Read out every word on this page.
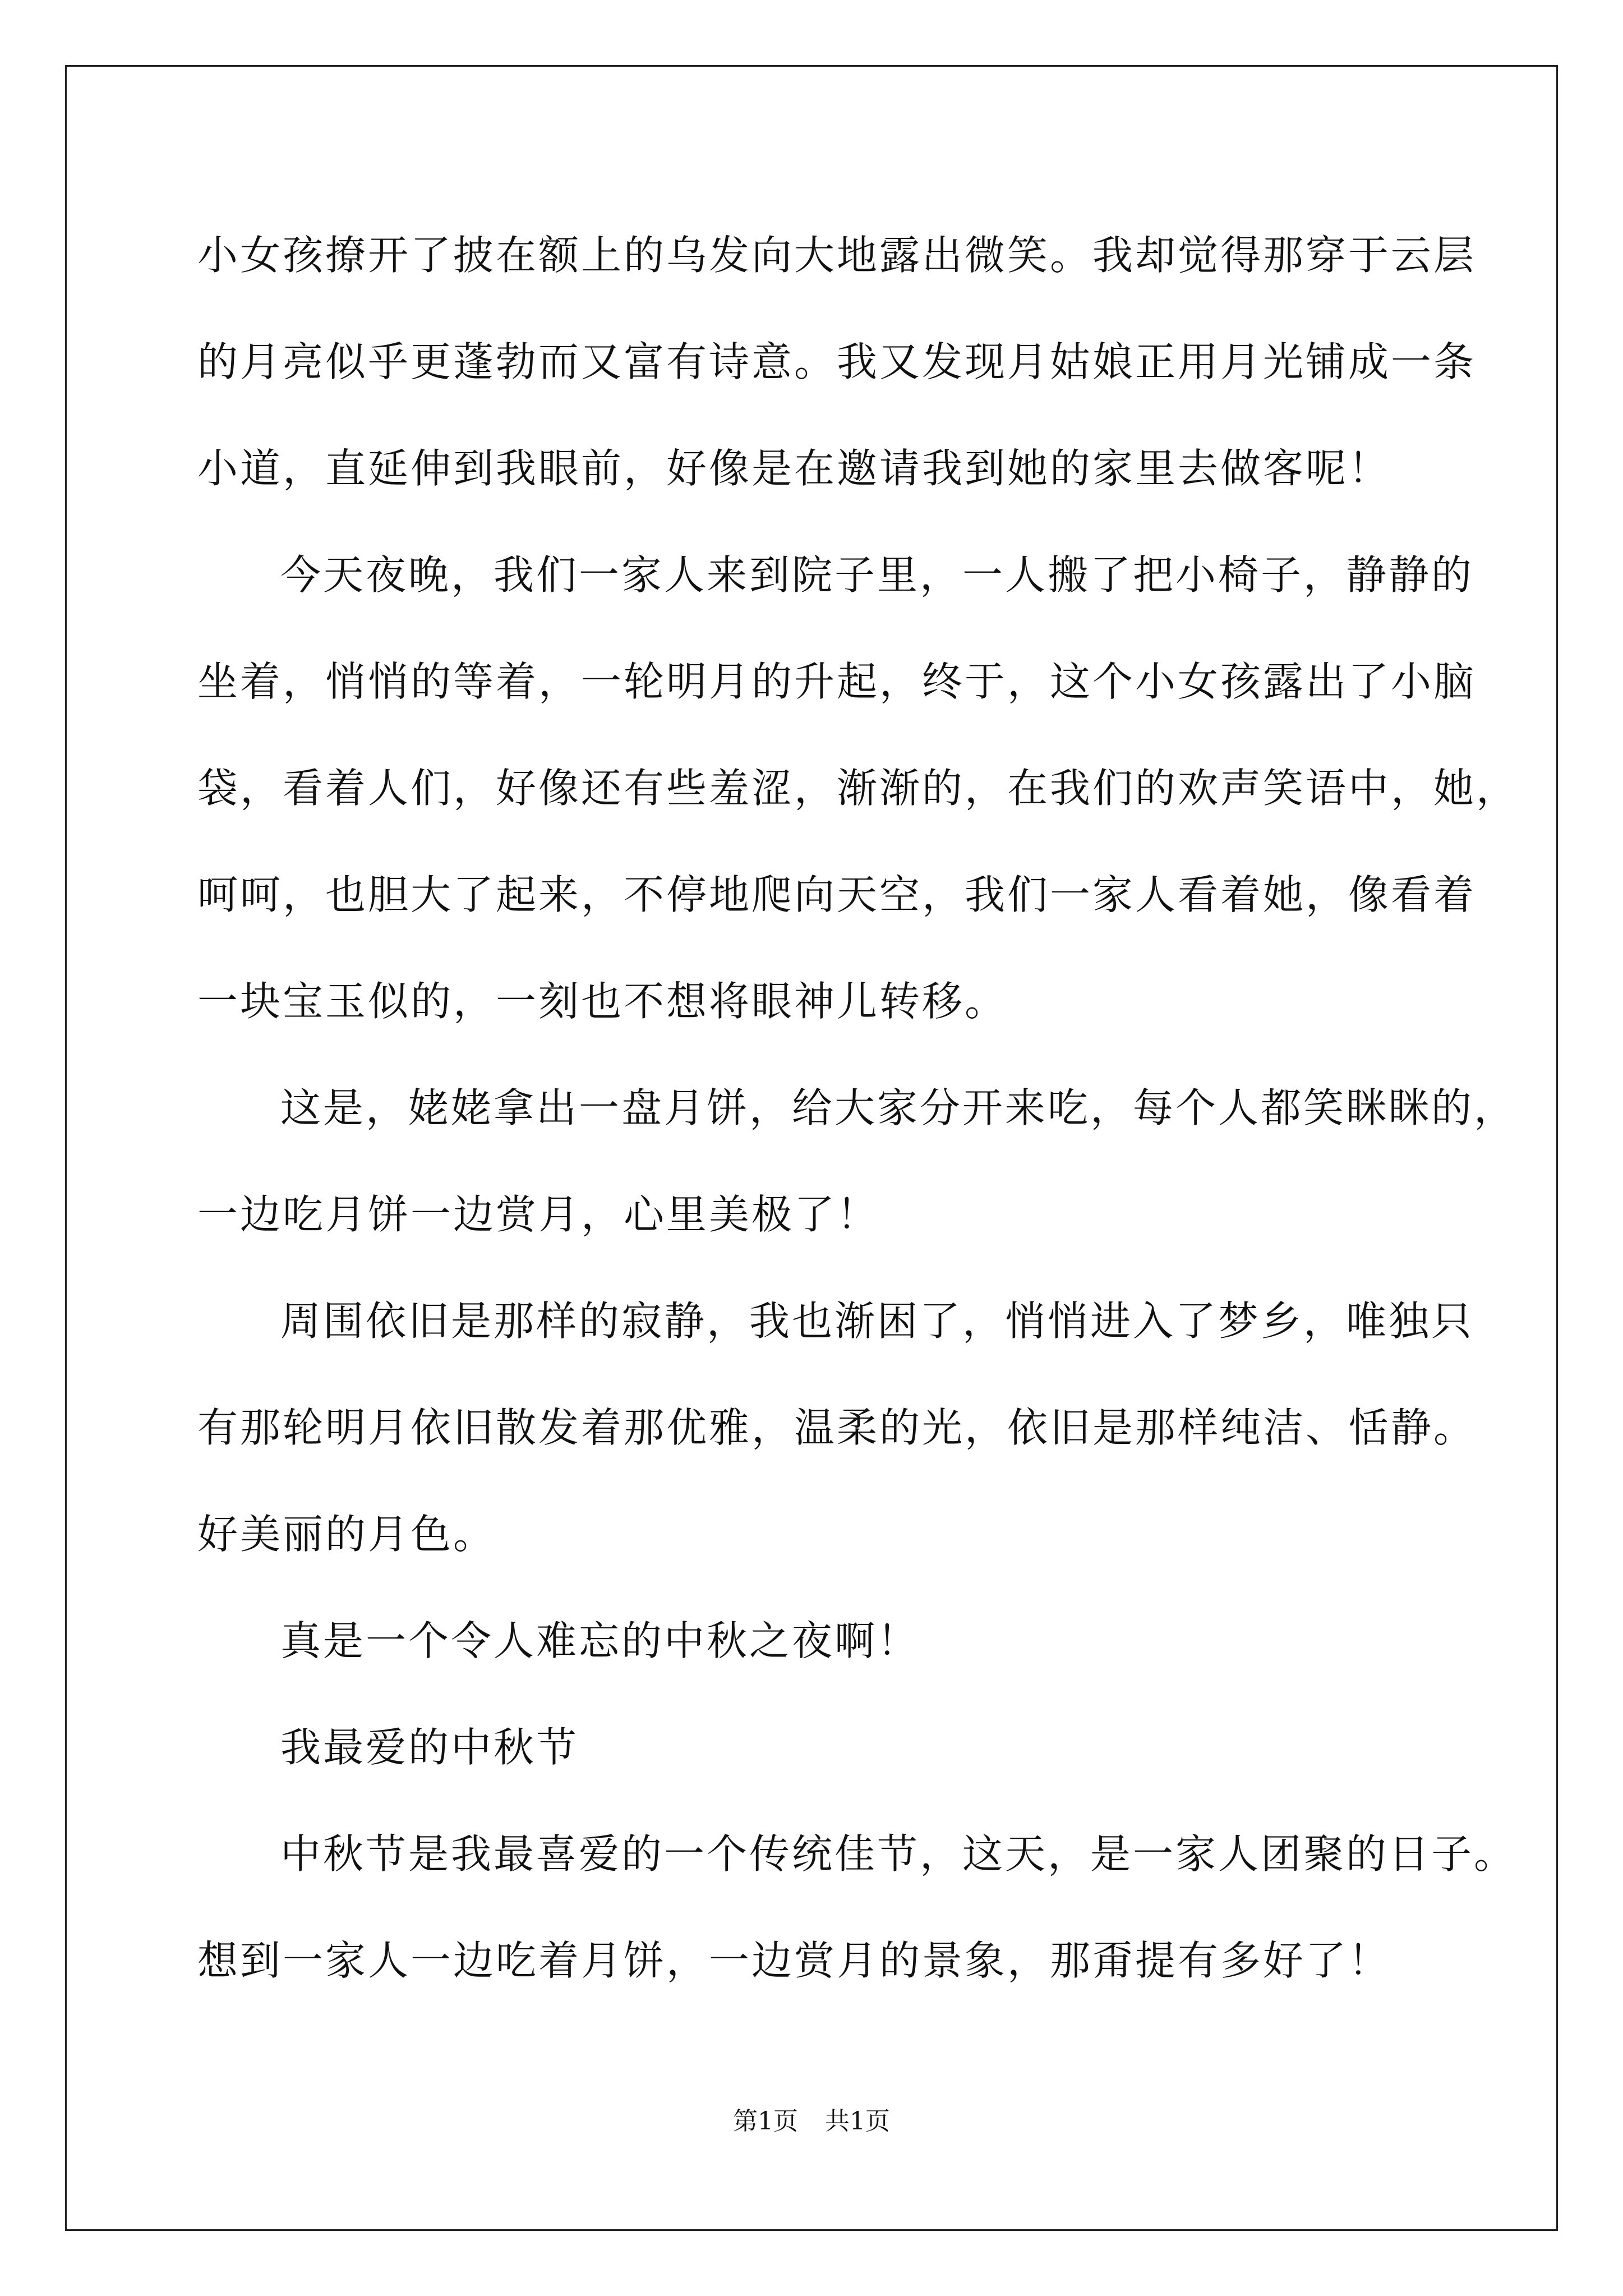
小女孩撩开了披在额上的乌发向大地露出微笑。我却觉得那穿于云层
的月亮似乎更蓬勃而又富有诗意。我又发现月姑娘正用月光铺成一条
小道，直延伸到我眼前，好像是在邀请我到她的家里去做客呢！
今天夜晚，我们一家人来到院子里，一人搬了把小椅子，静静的
坐着，悄悄的等着，一轮明月的升起，终于，这个小女孩露出了小脑
袋，看着人们，好像还有些羞涩，渐渐的，在我们的欢声笑语中，她，
呵呵，也胆大了起来，不停地爬向天空，我们一家人看着她，像看着
一块宝玉似的，一刻也不想将眼神儿转移。
这是，姥姥拿出一盘月饼，给大家分开来吃，每个人都笑眯眯的，
一边吃月饼一边赏月，心里美极了！
周围依旧是那样的寂静，我也渐困了，悄悄进入了梦乡，唯独只
有那轮明月依旧散发着那优雅，温柔的光，依旧是那样纯洁、恬静。
好美丽的月色。
真是一个令人难忘的中秋之夜啊！
我最爱的中秋节
中秋节是我最喜爱的一个传统佳节，这天，是一家人团聚的日子。
想到一家人一边吃着月饼，一边赏月的景象，那甭提有多好了！
第1页 共1页
